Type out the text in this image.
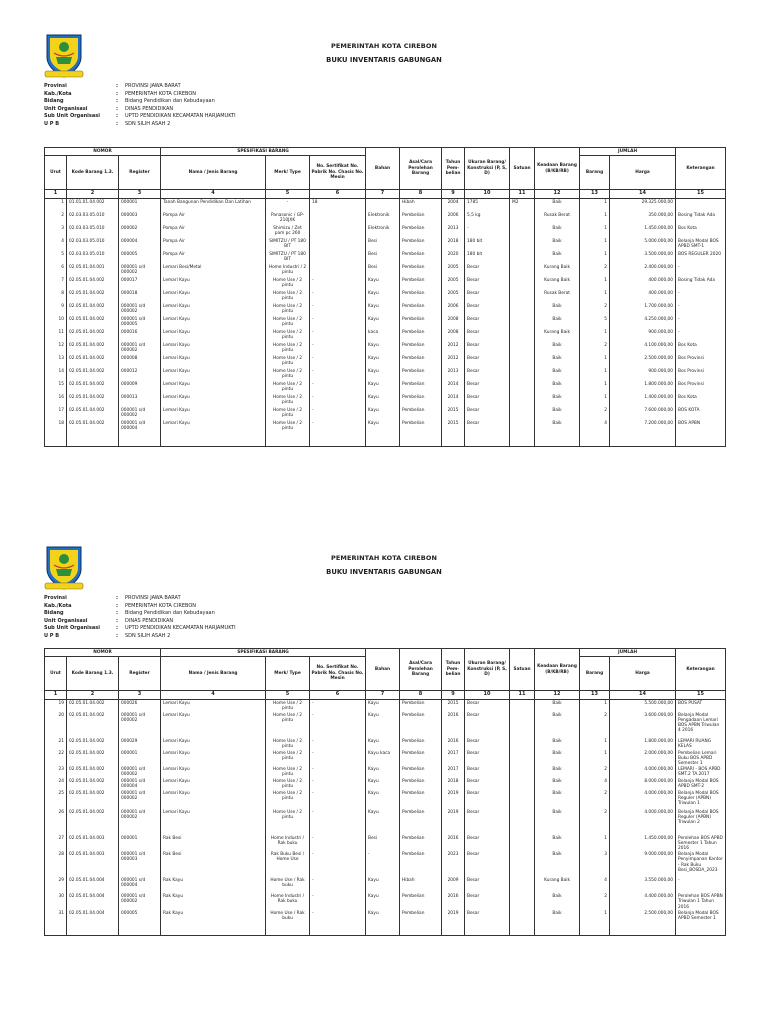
PEMERINTAH KOTA CIREBON
BUKU INVENTARIS GABUNGAN
Provinsi	:	PROVINSI JAWA BARAT
Kab./Kota	:	PEMERINTAH KOTA CIREBON
Bidang	:	Bidang Pendidikan dan Kebudayaan
Unit Organisasi	:	DINAS PENDIDIKAN
Sub Unit Organisasi	:	UPTD PENDIDIKAN KECAMATAN HARJAMUKTI
U P B	:	SDN SILIH ASAH 2
NOMOR			SPESIFIKASI BARANG			Bahan	Asal/Cara Perolehan Barang	Tahun Pem- belian	Ukuran Barang/ Konstruksi (P, S, D)	Satuan	Keadaan Barang (B/KB/RB)	JUMLAH		Keterangan
Urut	Kode Barang 1.3.	Register	Nama / Jenis Barang	Merk/ Type	No. Sertifikat No. Pabrik No. Chasis No. Mesin							Barang	Harga	
1	2	3	4	5	6	7	8	9	10	11	12	13	14	15
1	01.01.01.04.002	000001	Tanah Bangunan Pendidikan Dan Latihan	-	18		Hibah	2004	1785	M2	Baik	1	29.325.000,00	
2	02.03.03.05.010	000003	Pompa Air	Panasonic / GP-210JXK		Elektronik	Pembelian	2006	5,5 kg		Rusak Berat	1	350.000,00	Bosing Tidak Ada
3	02.03.03.05.010	000002	Pompa Air	Shimizu / Zet pam pc 260		Elektronik	Pembelian	2013	-		Baik	1	1.450.000,00	Bos Kota
4	02.03.03.05.010	000004	Pompa Air	SIMITZU / PT 180 BIT		Besi	Pembelian	2018	180 bit		Baik	1	5.000.000,00	Belanja Modal BOS APBD SMT-1
5	02.03.03.05.010	000005	Pompa Air	SIMITZU / PT 180 BIT		Besi	Pembelian	2020	180 bit		Baik	1	3.500.000,00	BOS REGULER 2020
6	02.05.01.04.001	000001 s/d 000002	Lemari Besi/Metal	Home Industri / 2 pintu		Besi	Pembelian	2005	Besar		Kurang Baik	2	2.400.000,00	-
7	02.05.01.04.002	000017	Lemari Kayu	Home Use / 2 pintu	-	Kayu	Pembelian	2005	Besar		Kurang Baik	1	400.000,00	Bosing Tidak Ada
8	02.05.01.04.002	000018	Lemari Kayu	Home Use / 2 pintu	-	Kayu	Pembelian	2005	Besar		Rusak Berat	1	400.000,00	-
9	02.05.01.04.002	000001 s/d 000002	Lemari Kayu	Home Use / 2 pintu	-	Kayu	Pembelian	2006	Besar		Baik	2	1.700.000,00	-
10	02.05.01.04.002	000001 s/d 000005	Lemari Kayu	Home Use / 2 pintu	-	Kayu	Pembelian	2008	Besar		Baik	5	4.250.000,00	-
11	02.05.01.04.002	000016	Lemari Kayu	Home Use / 2 pintu	-	kaca	Pembelian	2008	Besar		Kurang Baik	1	900.000,00	-
12	02.05.01.04.002	000001 s/d 000002	Lemari Kayu	Home Use / 2 pintu	-	Kayu	Pembelian	2012	Besar		Baik	2	4.100.000,00	Bos Kota
13	02.05.01.04.002	000008	Lemari Kayu	Home Use / 2 pintu	-	Kayu	Pembelian	2012	Besar		Baik	1	2.500.000,00	Bos Provinsi
14	02.05.01.04.002	000012	Lemari Kayu	Home Use / 2 pintu	-	Kayu	Pembelian	2013	Besar		Baik	1	900.000,00	Bos Provinsi
15	02.05.01.04.002	000009	Lemari Kayu	Home Use / 2 pintu	-	Kayu	Pembelian	2014	Besar		Baik	1	1.800.000,00	Bos Provinsi
16	02.05.01.04.002	000013	Lemari Kayu	Home Use / 2 pintu	-	Kayu	Pembelian	2014	Besar		Baik	1	1.400.000,00	Bos Kota
17	02.05.01.04.002	000001 s/d 000002	Lemari Kayu	Home Use / 2 pintu	-	Kayu	Pembelian	2015	Besar		Baik	2	7.600.000,00	BOS KOTA
18	02.05.01.04.002	000001 s/d 000004	Lemari Kayu	Home Use / 2 pintu	-	Kayu	Pembelian	2015	Besar		Baik	4	7.200.000,00	BOS APBN

PEMERINTAH KOTA CIREBON
BUKU INVENTARIS GABUNGAN
Provinsi	:	PROVINSI JAWA BARAT
Kab./Kota	:	PEMERINTAH KOTA CIREBON
Bidang	:	Bidang Pendidikan dan Kebudayaan
Unit Organisasi	:	DINAS PENDIDIKAN
Sub Unit Organisasi	:	UPTD PENDIDIKAN KECAMATAN HARJAMUKTI
U P B	:	SDN SILIH ASAH 2
NOMOR			SPESIFIKASI BARANG			Bahan	Asal/Cara Perolehan Barang	Tahun Pem- belian	Ukuran Barang/ Konstruksi (P, S, D)	Satuan	Keadaan Barang (B/KB/RB)	JUMLAH		Keterangan
Urut	Kode Barang 1.3.	Register	Nama / Jenis Barang	Merk/ Type	No. Sertifikat No. Pabrik No. Chasis No. Mesin							Barang	Harga	
1	2	3	4	5	6	7	8	9	10	11	12	13	14	15
19	02.05.01.04.002	000026	Lemari Kayu	Home Use / 2 pintu	-	Kayu	Pembelian	2015	Besar		Baik	1	5.500.000,00	BOS PUSAT
20	02.05.01.04.002	000001 s/d 000002	Lemari Kayu	Home Use / 2 pintu	-	Kayu	Pembelian	2016	Besar		Baik	2	3.600.000,00	Belanja Modal Pengadaan Lemari BOS APBN Triwulan 4 2016
21	02.05.01.04.002	000029	Lemari Kayu	Home Use / 2 pintu	-	Kayu	Pembelian	2016	Besar		Baik	1	1.800.000,00	LEMARI RUANG KELAS
22	02.05.01.04.002	000001	Lemari Kayu	Home Use / 2 pintu	-	Kayu kaca	Pembelian	2017	Besar		Baik	1	2.000.000,00	Pembelian Lemari Buku BOS APBD Semester 1
23	02.05.01.04.002	000001 s/d 000002	Lemari Kayu	Home Use / 2 pintu	-	Kayu	Pembelian	2017	Besar		Baik	2	4.000.000,00	LEMARI - BOS APBD SMT.2 TA.2017
24	02.05.01.04.002	000001 s/d 000004	Lemari Kayu	Home Use / 2 pintu	-	Kayu	Pembelian	2018	Besar		Baik	4	8.000.000,00	Belanja Modal BOS APBD SMT-2
25	02.05.01.04.002	000001 s/d 000002	Lemari Kayu	Home Use / 2 pintu	-	Kayu	Pembelian	2019	Besar		Baik	2	4.000.000,00	Belanja Modal BOS Reguler (APBN) Triwulan 1
26	02.05.01.04.002	000001 s/d 000002	Lemari Kayu	Home Use / 2 pintu	-	Kayu	Pembelian	2019	Besar		Baik	2	4.000.000,00	Belanja Modal BOS Reguler (APBN) Triwulan 2
27	02.05.01.04.003	000001	Rak Besi	Home Industri / Rak buku	-	Besi	Pembelian	2016	Besar		Baik	1	1.450.000,00	Perolehan BOS APBD Semester 1 Tahun 2016
28	02.05.01.04.003	000001 s/d 000003	Rak Besi	Rak Buku Besi / Home Use	-	-	Pembelian	2023	Besar		Baik	3	9.000.000,00	Belanja Modal Penyimpanan Kantor - Rak Buku Besi_BOSDA_2023
29	02.05.01.04.004	000001 s/d 000004	Rak Kayu	Home Use / Rak buku	-	Kayu	Hibah	2009	Besar		Kurang Baik	4	3.550.000,00	-
30	02.05.01.04.004	000001 s/d 000002	Rak Kayu	Home Industri / Rak buku	-	Kayu	Pembelian	2016	Besar		Baik	2	4.400.000,00	Perolehan BOS APBN Triwulan 1 Tahun 2016
31	02.05.01.04.004	000005	Rak Kayu	Home Use / Rak buku	-	Kayu	Pembelian	2019	Besar		Baik	1	2.500.000,00	Belanja Modal BOS APBD Semester 1
